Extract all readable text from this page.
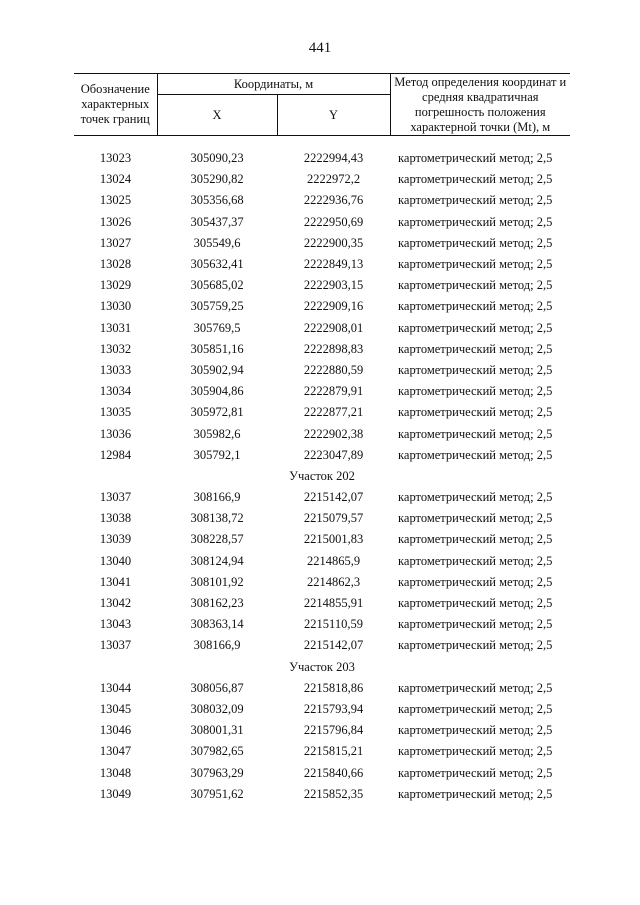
441
Обозначение характерных точек границ	Координаты, м		Метод определения координат и средняя квадратичная погрешность положения характерной точки (Mt), м
	X	Y	

13023	305090,23	2222994,43	картометрический метод; 2,5
13024	305290,82	2222972,2	картометрический метод; 2,5
13025	305356,68	2222936,76	картометрический метод; 2,5
13026	305437,37	2222950,69	картометрический метод; 2,5
13027	305549,6	2222900,35	картометрический метод; 2,5
13028	305632,41	2222849,13	картометрический метод; 2,5
13029	305685,02	2222903,15	картометрический метод; 2,5
13030	305759,25	2222909,16	картометрический метод; 2,5
13031	305769,5	2222908,01	картометрический метод; 2,5
13032	305851,16	2222898,83	картометрический метод; 2,5
13033	305902,94	2222880,59	картометрический метод; 2,5
13034	305904,86	2222879,91	картометрический метод; 2,5
13035	305972,81	2222877,21	картометрический метод; 2,5
13036	305982,6	2222902,38	картометрический метод; 2,5
12984	305792,1	2223047,89	картометрический метод; 2,5
Участок 202			
13037	308166,9	2215142,07	картометрический метод; 2,5
13038	308138,72	2215079,57	картометрический метод; 2,5
13039	308228,57	2215001,83	картометрический метод; 2,5
13040	308124,94	2214865,9	картометрический метод; 2,5
13041	308101,92	2214862,3	картометрический метод; 2,5
13042	308162,23	2214855,91	картометрический метод; 2,5
13043	308363,14	2215110,59	картометрический метод; 2,5
13037	308166,9	2215142,07	картометрический метод; 2,5
Участок 203			
13044	308056,87	2215818,86	картометрический метод; 2,5
13045	308032,09	2215793,94	картометрический метод; 2,5
13046	308001,31	2215796,84	картометрический метод; 2,5
13047	307982,65	2215815,21	картометрический метод; 2,5
13048	307963,29	2215840,66	картометрический метод; 2,5
13049	307951,62	2215852,35	картометрический метод; 2,5
